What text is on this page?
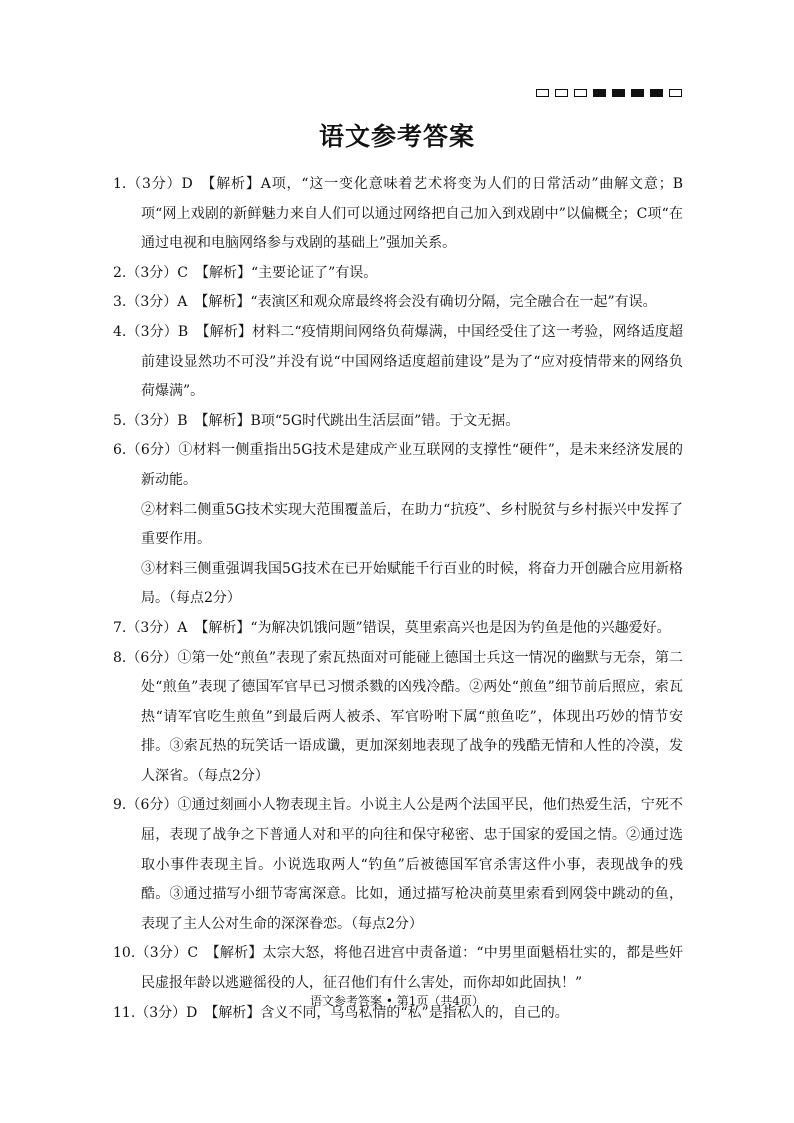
语文参考答案
1.（3分）D　【解析】A项，“这一变化意味着艺术将变为人们的日常活动”曲解文意；B项“网上戏剧的新鲜魅力来自人们可以通过网络把自己加入到戏剧中”以偏概全；C项“在通过电视和电脑网络参与戏剧的基础上”强加关系。
2.（3分）C　【解析】“主要论证了”有误。
3.（3分）A　【解析】“表演区和观众席最终将会没有确切分隔，完全融合在一起”有误。
4.（3分）B　【解析】材料二“疫情期间网络负荷爆满，中国经受住了这一考验，网络适度超前建设显然功不可没”并没有说“中国网络适度超前建设”是为了“应对疫情带来的网络负荷爆满”。
5.（3分）B　【解析】B项“5G时代跳出生活层面”错。于文无据。
6.（6分）①材料一侧重指出5G技术是建成产业互联网的支撑性“硬件”，是未来经济发展的新动能。
②材料二侧重5G技术实现大范围覆盖后，在助力“抗疫”、乡村脱贫与乡村振兴中发挥了重要作用。
③材料三侧重强调我国5G技术在已开始赋能千行百业的时候，将奋力开创融合应用新格局。（每点2分）
7.（3分）A　【解析】“为解决饥饿问题”错误，莫里索高兴也是因为钓鱼是他的兴趣爱好。
8.（6分）①第一处“煎鱼”表现了索瓦热面对可能碰上德国士兵这一情况的幽默与无奈，第二处“煎鱼”表现了德国军官早已习惯杀戮的凶残冷酷。②两处“煎鱼”细节前后照应，索瓦热“请军官吃生煎鱼”到最后两人被杀、军官吩咐下属“煎鱼吃”，体现出巧妙的情节安排。③索瓦热的玩笑话一语成谶，更加深刻地表现了战争的残酷无情和人性的冷漠，发人深省。（每点2分）
9.（6分）①通过刻画小人物表现主旨。小说主人公是两个法国平民，他们热爱生活，宁死不屈，表现了战争之下普通人对和平的向往和保守秘密、忠于国家的爱国之情。②通过选取小事件表现主旨。小说选取两人“钓鱼”后被德国军官杀害这件小事，表现战争的残酷。③通过描写小细节寄寓深意。比如，通过描写枪决前莫里索看到网袋中跳动的鱼，表现了主人公对生命的深深眷恋。（每点2分）
10.（3分）C　【解析】太宗大怒，将他召进宫中责备道：“中男里面魁梧壮实的，都是些奸民虚报年龄以逃避徭役的人，征召他们有什么害处，而你却如此固执！”
11.（3分）D　【解析】含义不同，乌鸟私情的“私”是指私人的，自己的。
语文参考答案 • 第1页（共4页）
